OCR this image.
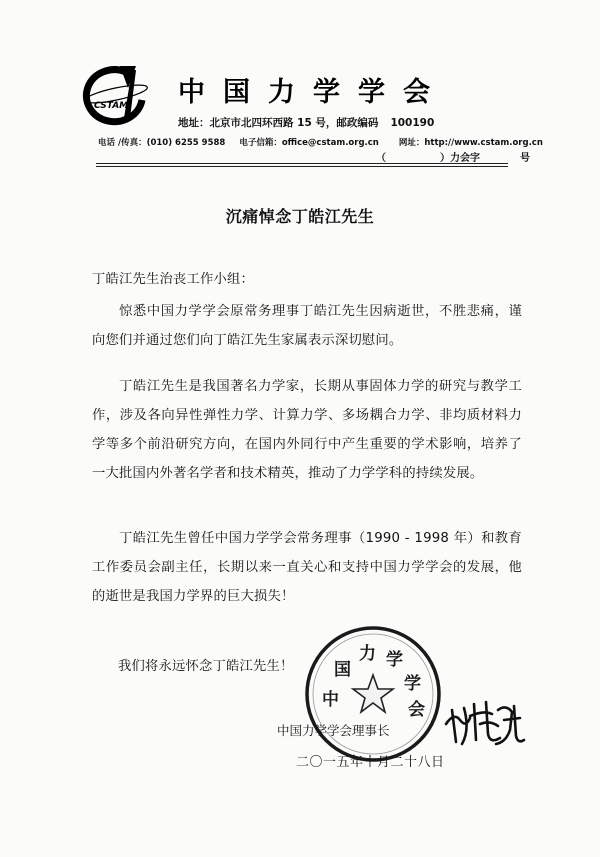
CSTAM 中国力学学会
地址：北京市北四环西路 15 号，邮政编码 100190
电话 /传真：(010) 6255 9588 电子信箱：office@cstam.org.cn 网址：http://www.cstam.org.cn
（	）力会字	号
沉痛悼念丁皓江先生
丁皓江先生治丧工作小组：
惊悉中国力学学会原常务理事丁皓江先生因病逝世，不胜悲痛，谨向您们并通过您们向丁皓江先生家属表示深切慰问。
丁皓江先生是我国著名力学家，长期从事固体力学的研究与教学工作，涉及各向异性弹性力学、计算力学、多场耦合力学、非均质材料力学等多个前沿研究方向，在国内外同行中产生重要的学术影响，培养了一大批国内外著名学者和技术精英，推动了力学学科的持续发展。
丁皓江先生曾任中国力学学会常务理事（1990 - 1998 年）和教育工作委员会副主任，长期以来一直关心和支持中国力学学会的发展，他的逝世是我国力学界的巨大损失！
我们将永远怀念丁皓江先生！
中
国
力 学
学
会
中国力学学会理事长
二〇一五年十月二十八日
